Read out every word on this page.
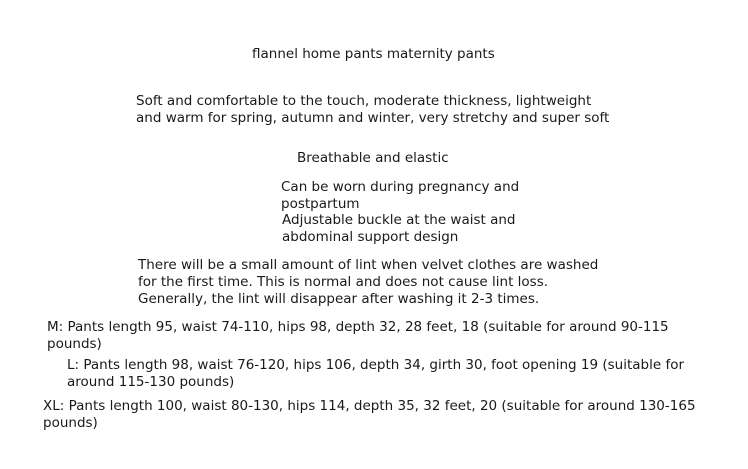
flannel home pants maternity pants
Soft and comfortable to the touch, moderate thickness, lightweight
and warm for spring, autumn and winter, very stretchy and super soft
Breathable and elastic
Can be worn during pregnancy and
postpartum
Adjustable buckle at the waist and
abdominal support design
There will be a small amount of lint when velvet clothes are washed
for the first time. This is normal and does not cause lint loss.
Generally, the lint will disappear after washing it 2-3 times.
M: Pants length 95, waist 74-110, hips 98, depth 32, 28 feet, 18 (suitable for around 90-115
pounds)
L: Pants length 98, waist 76-120, hips 106, depth 34, girth 30, foot opening 19 (suitable for
around 115-130 pounds)
XL: Pants length 100, waist 80-130, hips 114, depth 35, 32 feet, 20 (suitable for around 130-165
pounds)
